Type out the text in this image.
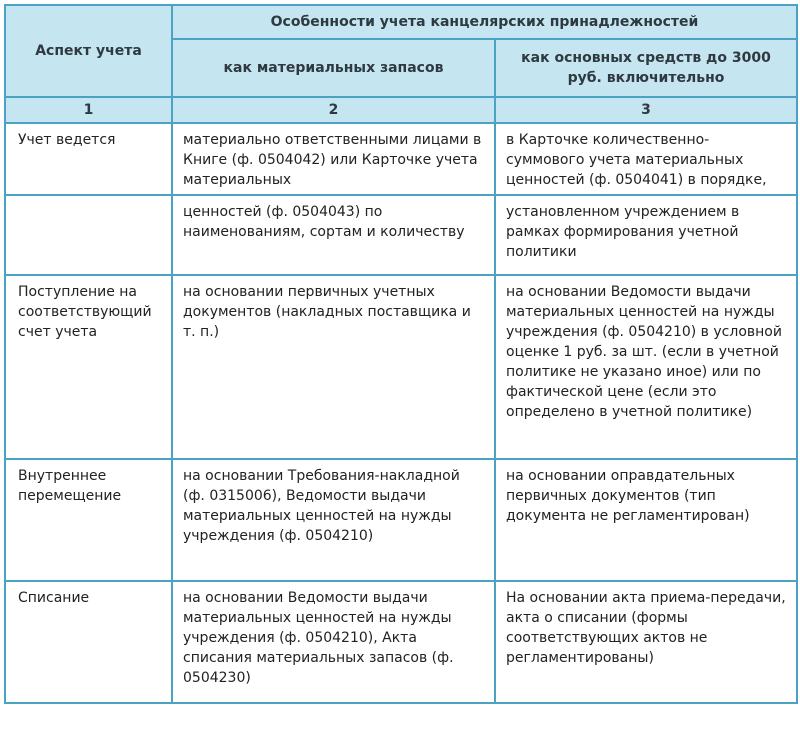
Аспект учета	Особенности учета канцелярских принадлежностей	
	как материальных запасов	как основных средств до 3000 руб. включительно
1	2	3
Учет ведется	материально ответственными лицами в Книге (ф. 0504042) или Карточке учета материальных	в Карточке количественно-суммового учета материальных ценностей (ф. 0504041) в порядке,
	ценностей (ф. 0504043) по наименованиям, сортам и количеству	установленном учреждением в рамках формирования учетной политики
Поступление на соответствующий счет учета	на основании первичных учетных документов (накладных поставщика и т. п.)	на основании Ведомости выдачи материальных ценностей на нужды учреждения (ф. 0504210) в условной оценке 1 руб. за шт. (если в учетной политике не указано иное) или по фактической цене (если это определено в учетной политике)
Внутреннее перемещение	на основании Требования-накладной (ф. 0315006), Ведомости выдачи материальных ценностей на нужды учреждения (ф. 0504210)	на основании оправдательных первичных документов (тип документа не регламентирован)
Списание	на основании Ведомости выдачи материальных ценностей на нужды учреждения (ф. 0504210), Акта списания материальных запасов (ф. 0504230)	На основании акта приема-передачи, акта о списании (формы соответствующих актов не регламентированы)
